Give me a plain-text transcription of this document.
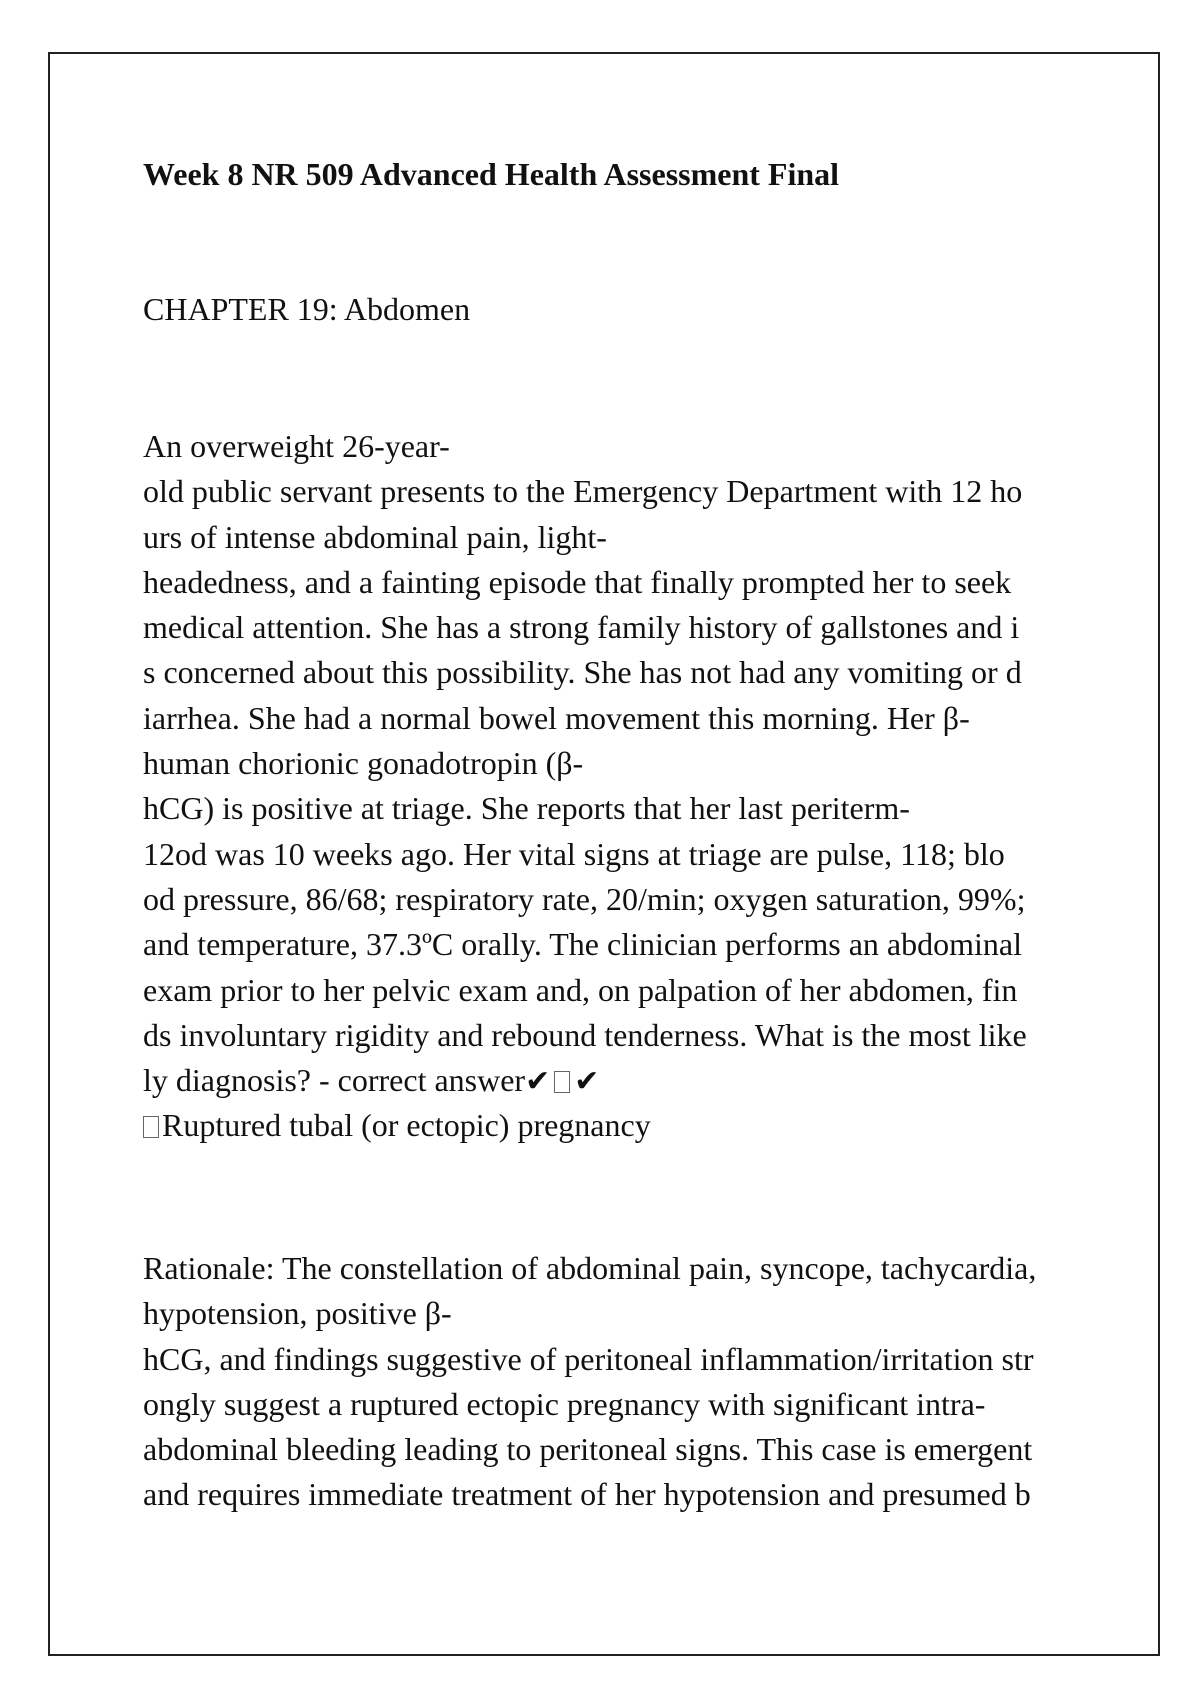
Week 8 NR 509 Advanced Health Assessment Final

CHAPTER 19: Abdomen

An overweight 26-year-
old public servant presents to the Emergency Department with 12 ho
urs of intense abdominal pain, light-
headedness, and a fainting episode that finally prompted her to seek
medical attention. She has a strong family history of gallstones and i
s concerned about this possibility. She has not had any vomiting or d
iarrhea. She had a normal bowel movement this morning. Her β-
human chorionic gonadotropin (β-
hCG) is positive at triage. She reports that her last periterm-
12od was 10 weeks ago. Her vital signs at triage are pulse, 118; blo
od pressure, 86/68; respiratory rate, 20/min; oxygen saturation, 99%;
and temperature, 37.3ºC orally. The clinician performs an abdominal
exam prior to her pelvic exam and, on palpation of her abdomen, fin
ds involuntary rigidity and rebound tenderness. What is the most like
ly diagnosis? - correct answer✔ ✔
Ruptured tubal (or ectopic) pregnancy
Rationale: The constellation of abdominal pain, syncope, tachycardia,
hypotension, positive β-
hCG, and findings suggestive of peritoneal inflammation/irritation str
ongly suggest a ruptured ectopic pregnancy with significant intra-
abdominal bleeding leading to peritoneal signs. This case is emergent
and requires immediate treatment of her hypotension and presumed b
